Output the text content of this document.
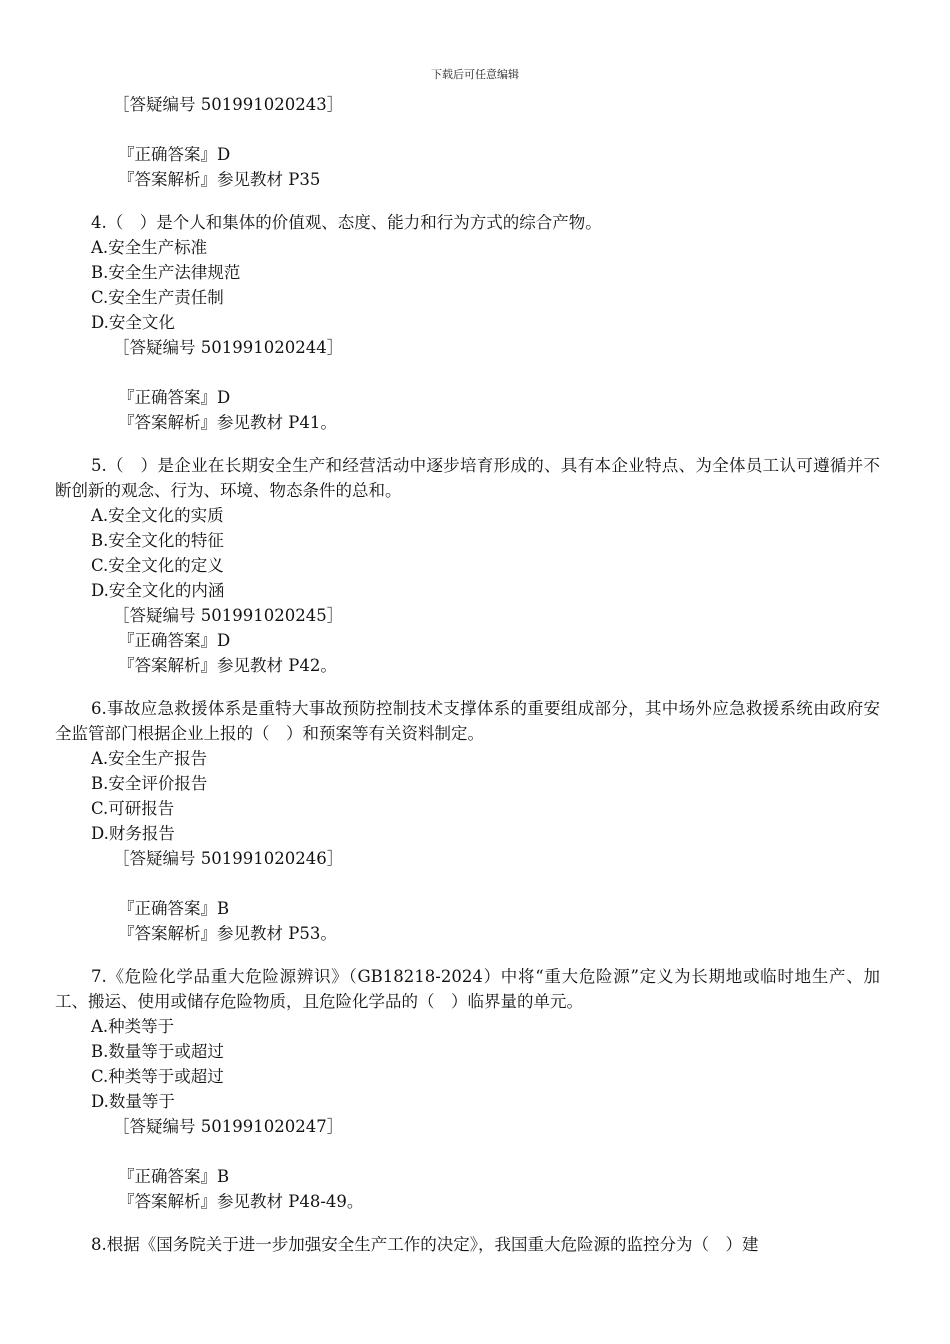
下载后可任意编辑
［答疑编号 501991020243］
『正确答案』D
『答案解析』参见教材 P35
4.（　）是个人和集体的价值观、态度、能力和行为方式的综合产物。
A.安全生产标准
B.安全生产法律规范
C.安全生产责任制
D.安全文化
［答疑编号 501991020244］
『正确答案』D
『答案解析』参见教材 P41。
5.（　）是企业在长期安全生产和经营活动中逐步培育形成的、具有本企业特点、为全体员工认可遵循并不断创新的观念、行为、环境、物态条件的总和。
A.安全文化的实质
B.安全文化的特征
C.安全文化的定义
D.安全文化的内涵
［答疑编号 501991020245］
『正确答案』D
『答案解析』参见教材 P42。
6.事故应急救援体系是重特大事故预防控制技术支撑体系的重要组成部分，其中场外应急救援系统由政府安全监管部门根据企业上报的（　）和预案等有关资料制定。
A.安全生产报告
B.安全评价报告
C.可研报告
D.财务报告
［答疑编号 501991020246］
『正确答案』B
『答案解析』参见教材 P53。
7.《危险化学品重大危险源辨识》（GB18218-2024）中将“重大危险源”定义为长期地或临时地生产、加工、搬运、使用或储存危险物质，且危险化学品的（　）临界量的单元。
A.种类等于
B.数量等于或超过
C.种类等于或超过
D.数量等于
［答疑编号 501991020247］
『正确答案』B
『答案解析』参见教材 P48-49。
8.根据《国务院关于进一步加强安全生产工作的决定》，我国重大危险源的监控分为（　）建
